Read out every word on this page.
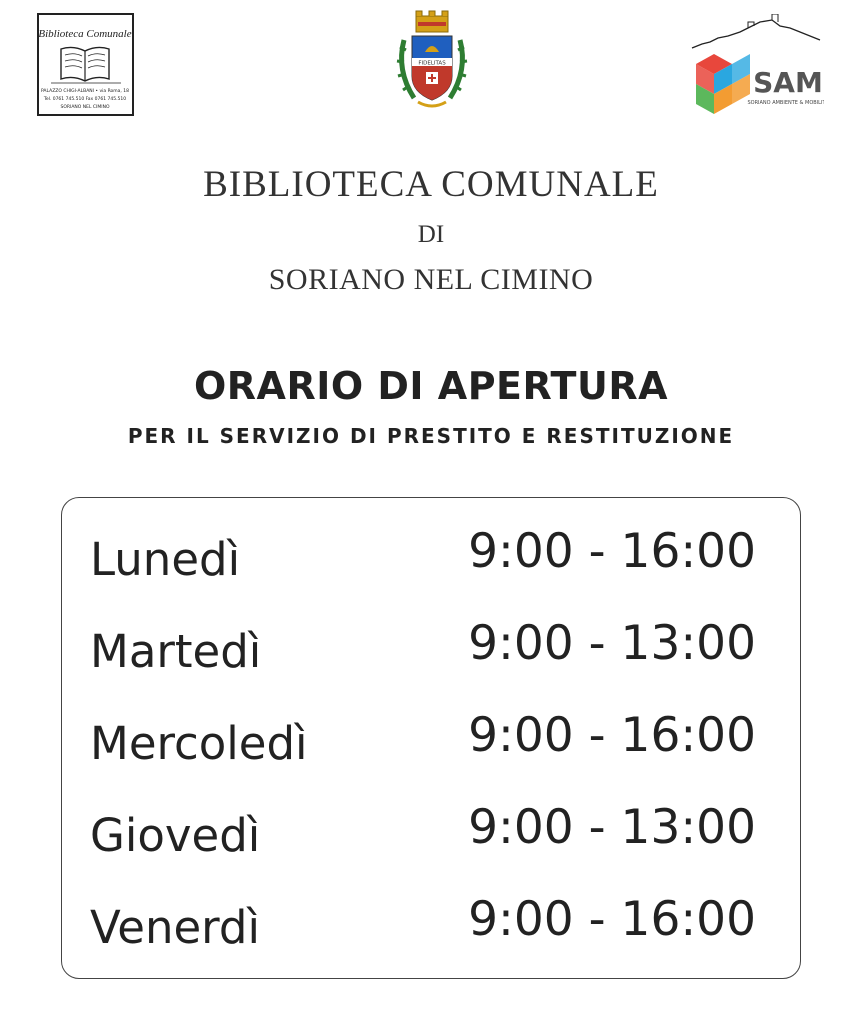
Biblioteca Comunale
PALAZZO CHIGI-ALBANI • via Roma, 18
Tel. 0761 745.510 Fax 0761 745.510
SORIANO NEL CIMINO
FIDELITAS
SAM
SORIANO AMBIENTE & MOBILITÀ
BIBLIOTECA COMUNALE
DI
SORIANO NEL CIMINO
ORARIO DI APERTURA
PER IL SERVIZIO DI PRESTITO E RESTITUZIONE
Lunedì	9:00 - 16:00
Martedì	9:00 - 13:00
Mercoledì	9:00 - 16:00
Giovedì	9:00 - 13:00
Venerdì	9:00 - 16:00
